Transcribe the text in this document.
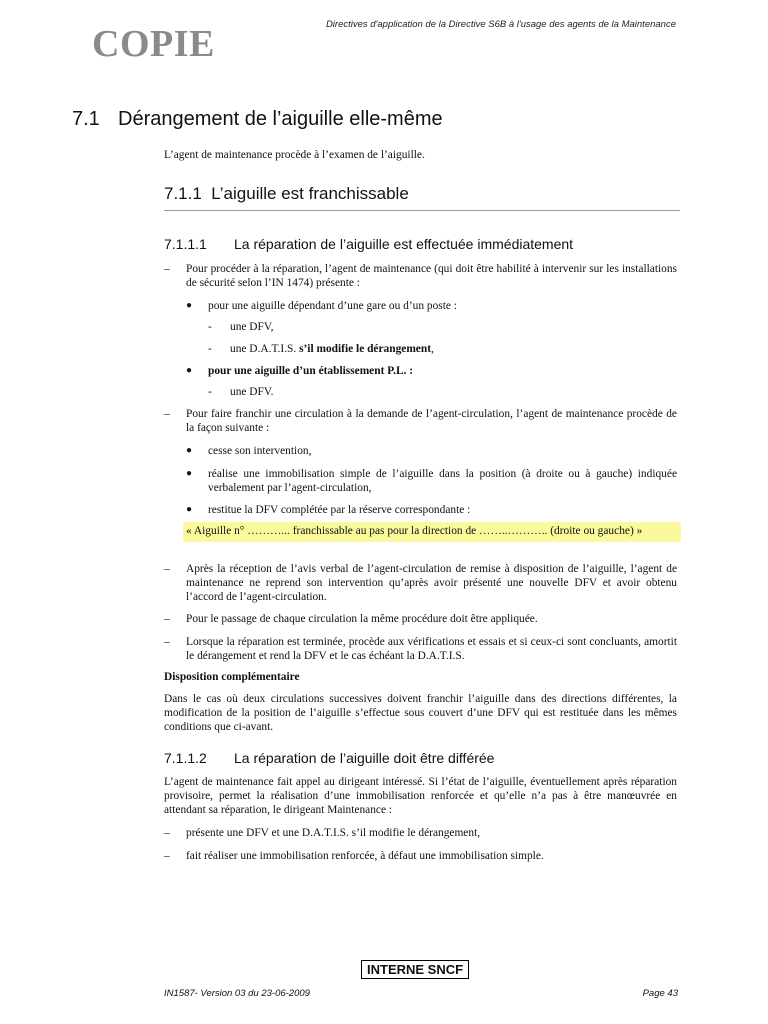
COPIE	Directives d'application de la Directive S6B à l'usage des agents de la Maintenance
7.1 Dérangement de l’aiguille elle-même
L’agent de maintenance procède à l’examen de l’aiguille.
7.1.1 L’aiguille est franchissable
7.1.1.1 La réparation de l’aiguille est effectuée immédiatement
– Pour procéder à la réparation, l’agent de maintenance (qui doit être habilité à intervenir sur les installations de sécurité selon l’IN 1474) présente :
● pour une aiguille dépendant d’une gare ou d’un poste :
- une DFV,
- une D.A.T.I.S. s’il modifie le dérangement,
● pour une aiguille d’un établissement P.L. :
- une DFV.
– Pour faire franchir une circulation à la demande de l’agent-circulation, l’agent de maintenance procède de la façon suivante :
● cesse son intervention,
● réalise une immobilisation simple de l’aiguille dans la position (à droite ou à gauche) indiquée verbalement par l’agent-circulation,
● restitue la DFV complétée par la réserve correspondante :
« Aiguille n° ………... franchissable au pas pour la direction de ……..……….. (droite ou gauche) »
– Après la réception de l’avis verbal de l’agent-circulation de remise à disposition de l’aiguille, l’agent de maintenance ne reprend son intervention qu’après avoir présenté une nouvelle DFV et avoir obtenu l’accord de l’agent-circulation.
– Pour le passage de chaque circulation la même procédure doit être appliquée.
– Lorsque la réparation est terminée, procède aux vérifications et essais et si ceux-ci sont concluants, amortit le dérangement et rend la DFV et le cas échéant la D.A.T.I.S.
Disposition complémentaire
Dans le cas où deux circulations successives doivent franchir l’aiguille dans des directions différentes, la modification de la position de l’aiguille s’effectue sous couvert d’une DFV qui est restituée dans les mêmes conditions que ci-avant.
7.1.1.2 La réparation de l’aiguille doit être différée
L’agent de maintenance fait appel au dirigeant intéressé. Si l’état de l’aiguille, éventuellement après réparation provisoire, permet la réalisation d’une immobilisation renforcée et qu’elle n’a pas à être manœuvrée en attendant sa réparation, le dirigeant Maintenance :
– présente une DFV et une D.A.T.I.S. s’il modifie le dérangement,
– fait réaliser une immobilisation renforcée, à défaut une immobilisation simple.
INTERNE SNCF
IN1587- Version 03 du 23-06-2009	Page 43
